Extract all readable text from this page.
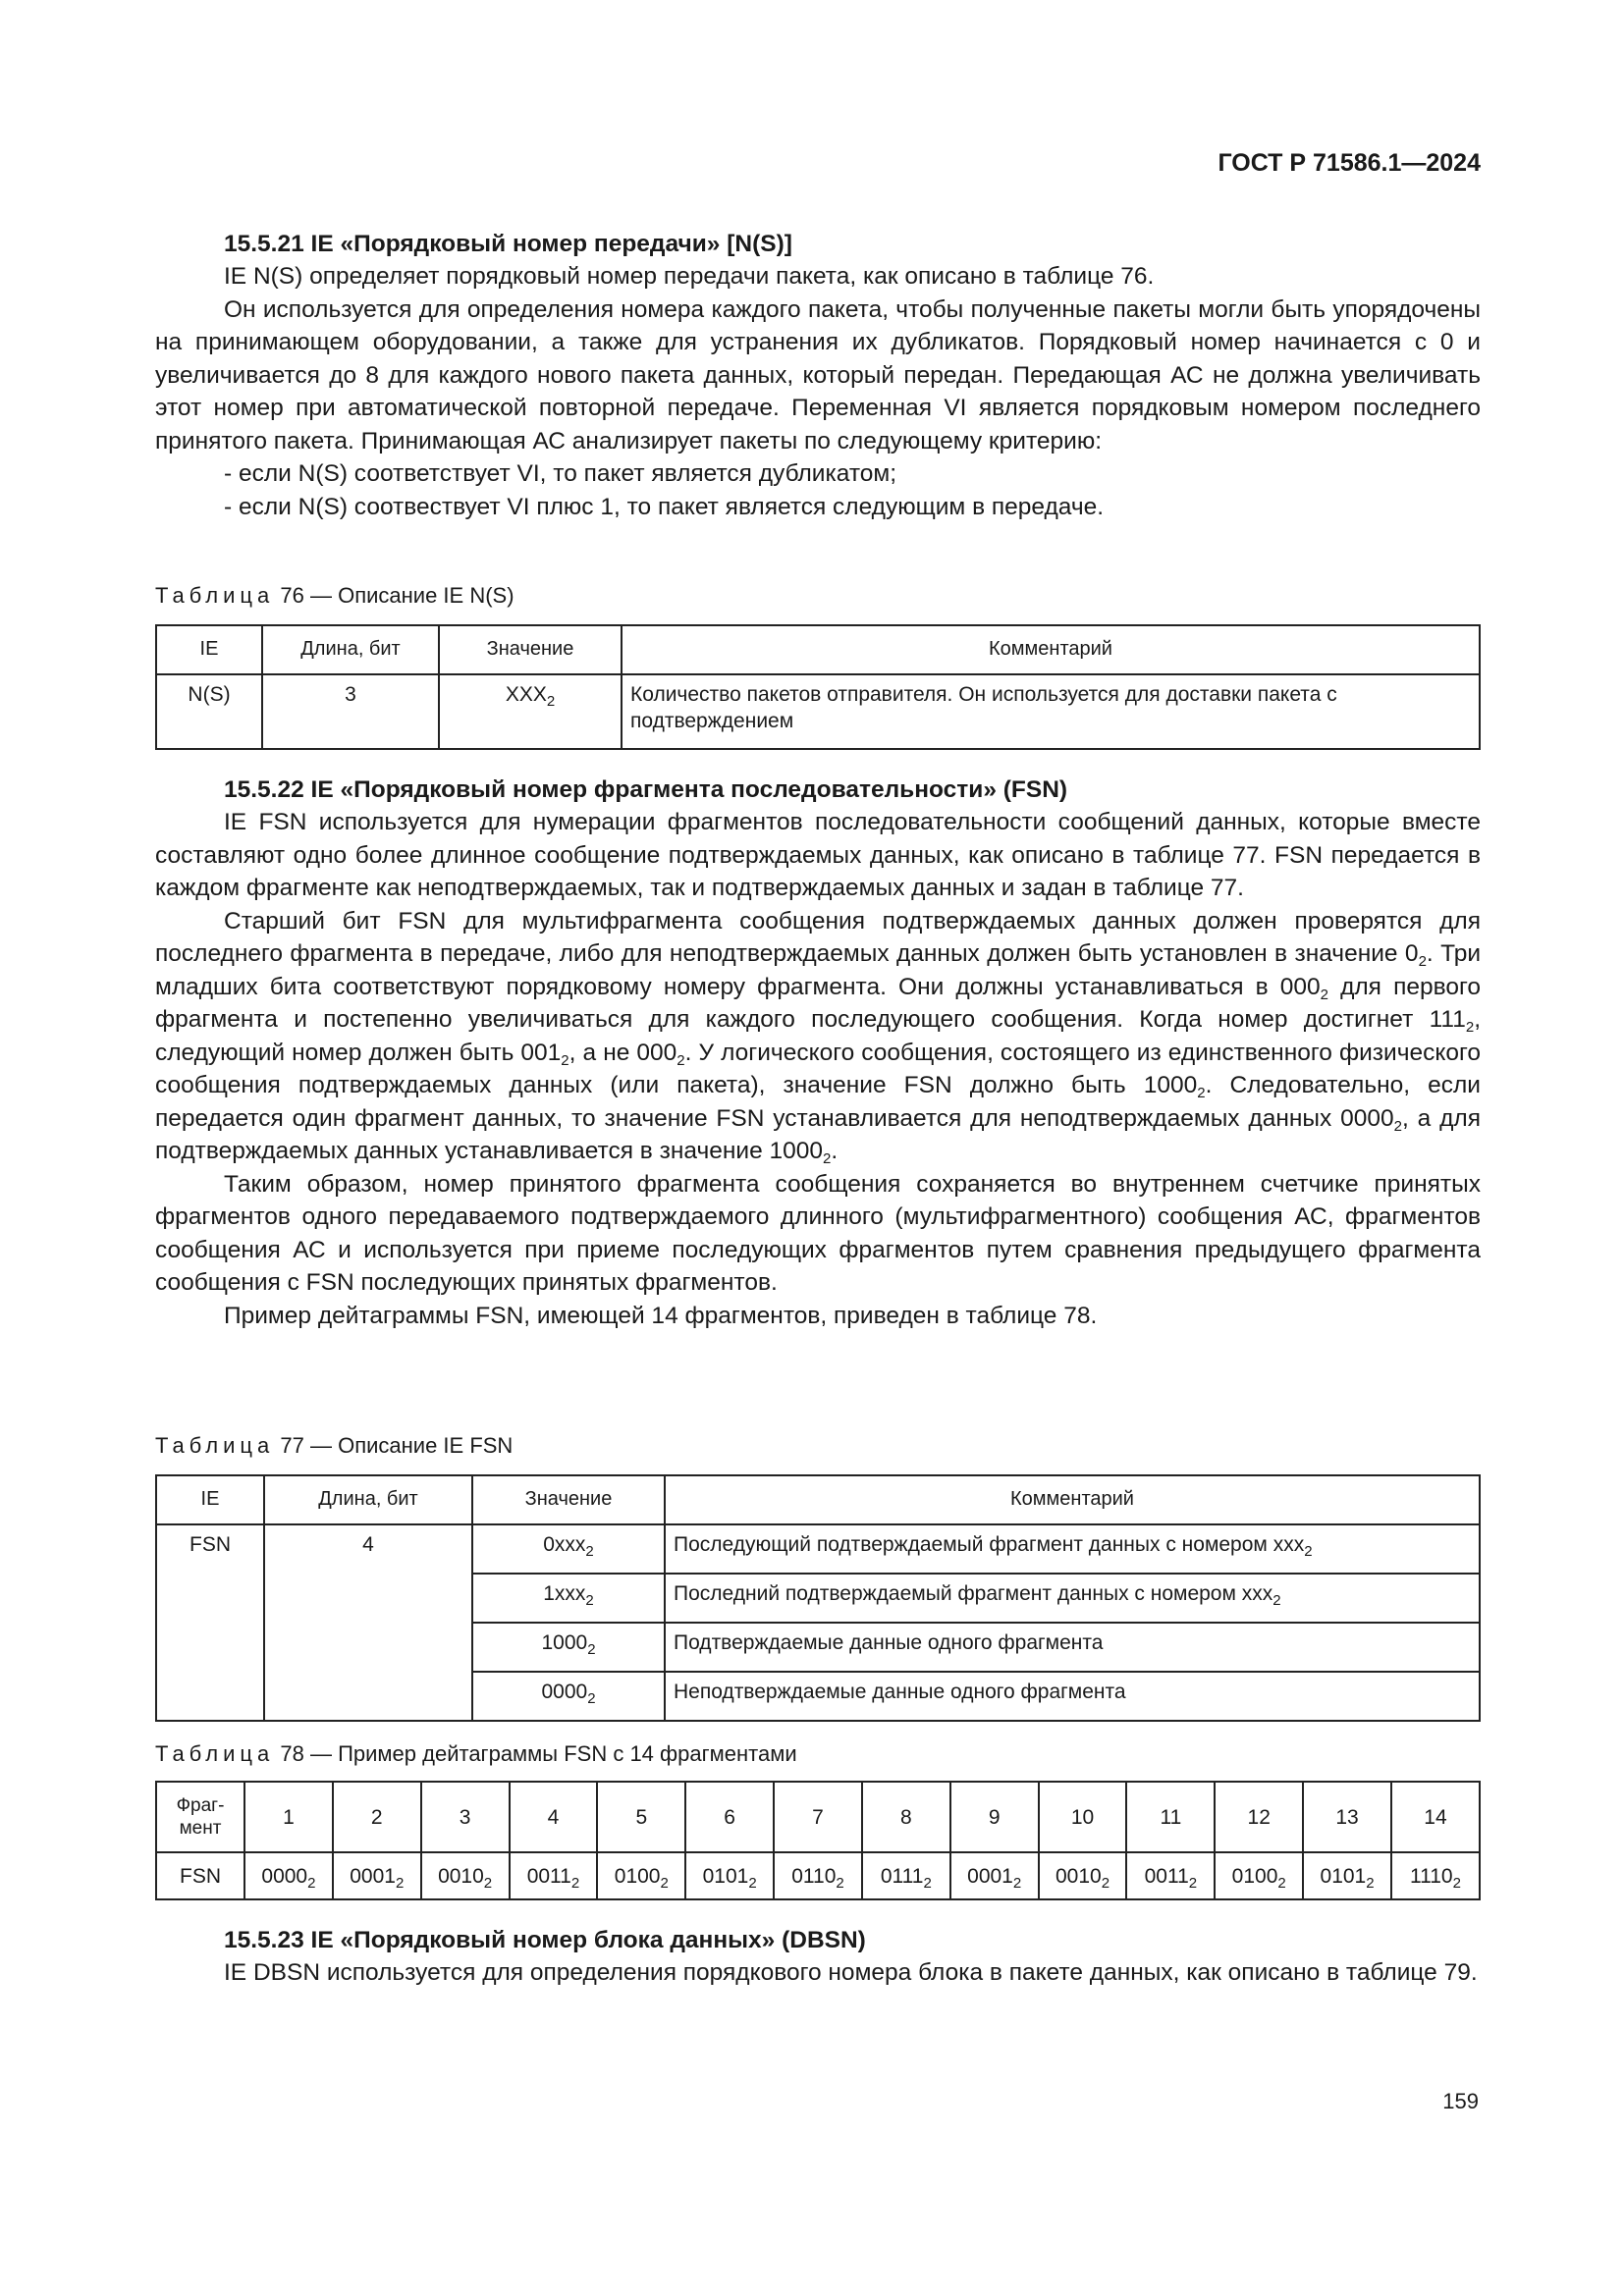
ГОСТ Р 71586.1—2024
15.5.21 IE «Порядковый номер передачи» [N(S)]

IE N(S) определяет порядковый номер передачи пакета, как описано в таблице 76.

Он используется для определения номера каждого пакета, чтобы полученные пакеты могли быть упорядочены на принимающем оборудовании, а также для устранения их дубликатов. Порядковый номер начинается с 0 и увеличивается до 8 для каждого нового пакета данных, который передан. Передающая АС не должна увеличивать этот номер при автоматической повторной передаче. Переменная VI является порядковым номером последнего принятого пакета. Принимающая АС анализирует пакеты по следующему критерию:

- если N(S) соответствует VI, то пакет является дубликатом;

- если N(S) соотвествует VI плюс 1, то пакет является следующим в передаче.

Таблица 76 — Описание IE N(S)
IE	Длина, бит	Значение	Комментарий
N(S)	3	$XXX_2$	Количество пакетов отправителя. Он используется для доставки пакета с подтверждением
15.5.22 IE «Порядковый номер фрагмента последовательности» (FSN)

IE FSN используется для нумерации фрагментов последовательности сообщений данных, которые вместе составляют одно более длинное сообщение подтверждаемых данных, как описано в таблице 77. FSN передается в каждом фрагменте как неподтверждаемых, так и подтверждаемых данных и задан в таблице 77.

Старший бит FSN для мультифрагмента сообщения подтверждаемых данных должен проверятся для последнего фрагмента в передаче, либо для неподтверждаемых данных должен быть установлен в значение $0_2$. Три младших бита соответствуют порядковому номеру фрагмента. Они должны устанавливаться в $000_2$ для первого фрагмента и постепенно увеличиваться для каждого последующего сообщения. Когда номер достигнет $111_2$, следующий номер должен быть $001_2$, а не $000_2$. У логического сообщения, состоящего из единственного физического сообщения подтверждаемых данных (или пакета), значение FSN должно быть $1000_2$. Следовательно, если передается один фрагмент данных, то значение FSN устанавливается для неподтверждаемых данных $0000_2$, а для подтверждаемых данных устанавливается в значение $1000_2$.

Таким образом, номер принятого фрагмента сообщения сохраняется во внутреннем счетчике принятых фрагментов одного передаваемого подтверждаемого длинного (мультифрагментного) сообщения АС, фрагментов сообщения АС и используется при приеме последующих фрагментов путем сравнения предыдущего фрагмента сообщения с FSN последующих принятых фрагментов.

Пример дейтаграммы FSN, имеющей 14 фрагментов, приведен в таблице 78.

Таблица 77 — Описание IE FSN
IE	Длина, бит	Значение	Комментарий
FSN	4	0xxx$_2$	Последующий подтверждаемый фрагмент данных с номером xxx$_2$
		1xxx$_2$	Последний подтверждаемый фрагмент данных с номером xxx$_2$
		$1000_2$	Подтверждаемые данные одного фрагмента
		$0000_2$	Неподтверждаемые данные одного фрагмента
Таблица 78 — Пример дейтаграммы FSN с 14 фрагментами
Фраг-мент	1	2	3	4	5	6	7	8	9	10	11	12	13	14
FSN	$0000_2$	$0001_2$	$0010_2$	$0011_2$	$0100_2$	$0101_2$	$0110_2$	$0111_2$	$0001_2$	$0010_2$	$0011_2$	$0100_2$	$0101_2$	$1110_2$
15.5.23 IE «Порядковый номер блока данных» (DBSN)

IE DBSN используется для определения порядкового номера блока в пакете данных, как описано в таблице 79.

159
